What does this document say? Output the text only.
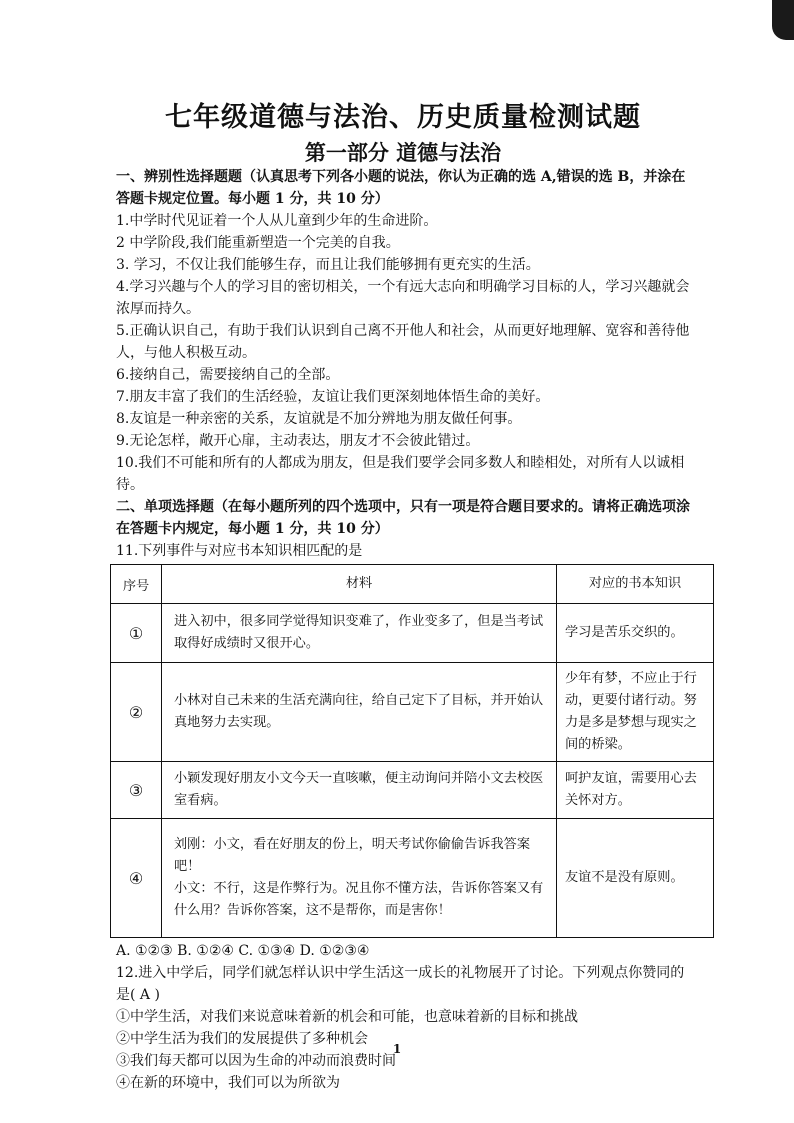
七年级道德与法治、历史质量检测试题
第一部分 道德与法治

一、辨别性选择题题（认真思考下列各小题的说法，你认为正确的选 A,错误的选 B，并涂在答题卡规定位置。每小题 1 分，共 10 分）

1.中学时代见证着一个人从儿童到少年的生命进阶。

2 中学阶段,我们能重新塑造一个完美的自我。

3. 学习，不仅让我们能够生存，而且让我们能够拥有更充实的生活。

4.学习兴趣与个人的学习目的密切相关，一个有远大志向和明确学习目标的人，学习兴趣就会浓厚而持久。

5.正确认识自己，有助于我们认识到自己离不开他人和社会，从而更好地理解、宽容和善待他人，与他人积极互动。

6.接纳自己，需要接纳自己的全部。

7.朋友丰富了我们的生活经验，友谊让我们更深刻地体悟生命的美好。

8.友谊是一种亲密的关系，友谊就是不加分辨地为朋友做任何事。

9.无论怎样，敞开心扉，主动表达，朋友才不会彼此错过。

10.我们不可能和所有的人都成为朋友，但是我们要学会同多数人和睦相处，对所有人以诚相待。

二、单项选择题（在每小题所列的四个选项中，只有一项是符合题目要求的。请将正确选项涂在答题卡内规定，每小题 1 分，共 10 分）

11.下列事件与对应书本知识相匹配的是

序号	材料	对应的书本知识
①	进入初中，很多同学觉得知识变难了，作业变多了，但是当考试取得好成绩时又很开心。	学习是苦乐交织的。
②	小林对自己未来的生活充满向往，给自己定下了目标，并开始认真地努力去实现。	少年有梦，不应止于行动，更要付诸行动。努力是多是梦想与现实之间的桥梁。
③	小颖发现好朋友小文今天一直咳嗽，便主动询问并陪小文去校医室看病。	呵护友谊，需要用心去关怀对方。
④	刘刚：小文，看在好朋友的份上，明天考试你偷偷告诉我答案吧！
小文：不行，这是作弊行为。况且你不懂方法，告诉你答案又有什么用？告诉你答案，这不是帮你，而是害你！	友谊不是没有原则。

A. ①②③ B. ①②④ C. ①③④ D. ①②③④

12.进入中学后，同学们就怎样认识中学生活这一成长的礼物展开了讨论。下列观点你赞同的是( A )

①中学生活，对我们来说意味着新的机会和可能，也意味着新的目标和挑战

②中学生活为我们的发展提供了多种机会

③我们每天都可以因为生命的冲动而浪费时间

④在新的环境中，我们可以为所欲为

1
